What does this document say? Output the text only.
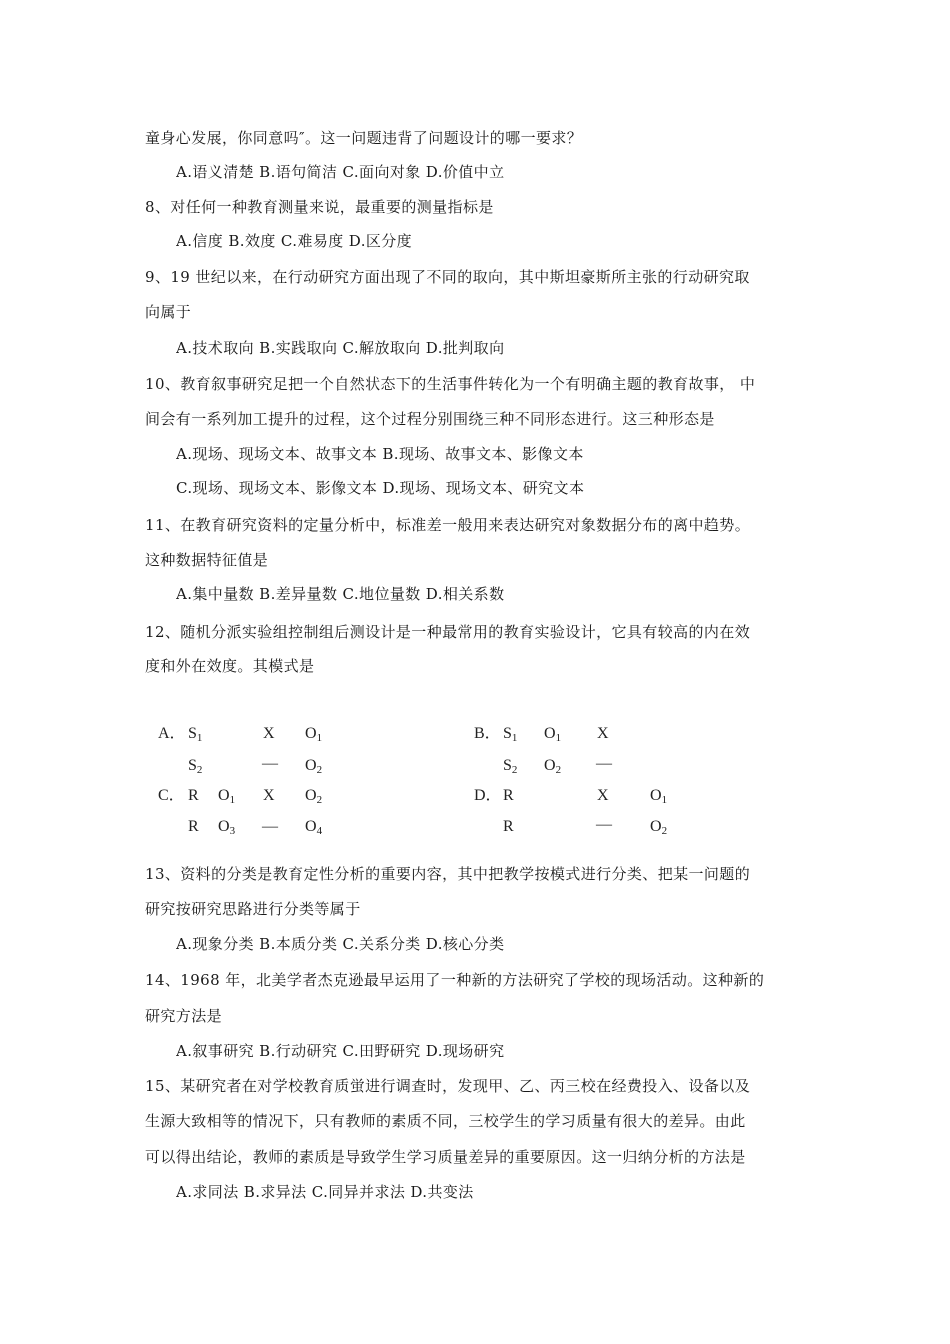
童身心发展，你同意吗″。这一问题违背了问题设计的哪一要求？
A.语义清楚 B.语句简洁 C.面向对象 D.价值中立
8、对任何一种教育测量来说，最重要的测量指标是
A.信度 B.效度 C.难易度 D.区分度
9、19 世纪以来，在行动研究方面出现了不同的取向，其中斯坦豪斯所主张的行动研究取
向属于
A.技术取向 B.实践取向 C.解放取向 D.批判取向
10、教育叙事研究足把一个自然状态下的生活事件转化为一个有明确主题的教育故事， 中
间会有一系列加工提升的过程，这个过程分别围绕三种不同形态进行。这三种形态是
A.现场、现场文本、故事文本 B.现场、故事文本、影像文本
C.现场、现场文本、影像文本 D.现场、现场文本、研究文本
11、在教育研究资料的定量分析中，标准差一般用来表达研究对象数据分布的离中趋势。
这种数据特征值是
A.集中量数 B.差异量数 C.地位量数 D.相关系数
12、随机分派实验组控制组后测设计是一种最常用的教育实验设计，它具有较高的内在效
度和外在效度。其模式是
A． $S_1$	X $O_1$
$S_2$	— $O_2$
B． $S_1$ $O_1$ X
$S_2$ $O_2$ —
C． R $O_1$ X $O_2$
R $O_3$ — $O_4$
D． R	X	$O_1$
R	— $O_2$
13、资料的分类是教育定性分析的重要内容，其中把教学按模式进行分类、把某一问题的
研究按研究思路进行分类等属于
A.现象分类 B.本质分类 C.关系分类 D.核心分类
14、1968 年，北美学者杰克逊最早运用了一种新的方法研究了学校的现场活动。这种新的
研究方法是
A.叙事研究 B.行动研究 C.田野研究 D.现场研究
15、某研究者在对学校教育质蛍进行调查时，发现甲、乙、丙三校在经费投入、设备以及
生源大致相等的情况下，只有教师的素质不同，三校学生的学习质量有很大的差异。由此
可以得出结论，教师的素质是导致学生学习质量差异的重要原因。这一归纳分析的方法是
A.求同法 B.求异法 C.同异并求法 D.共变法
